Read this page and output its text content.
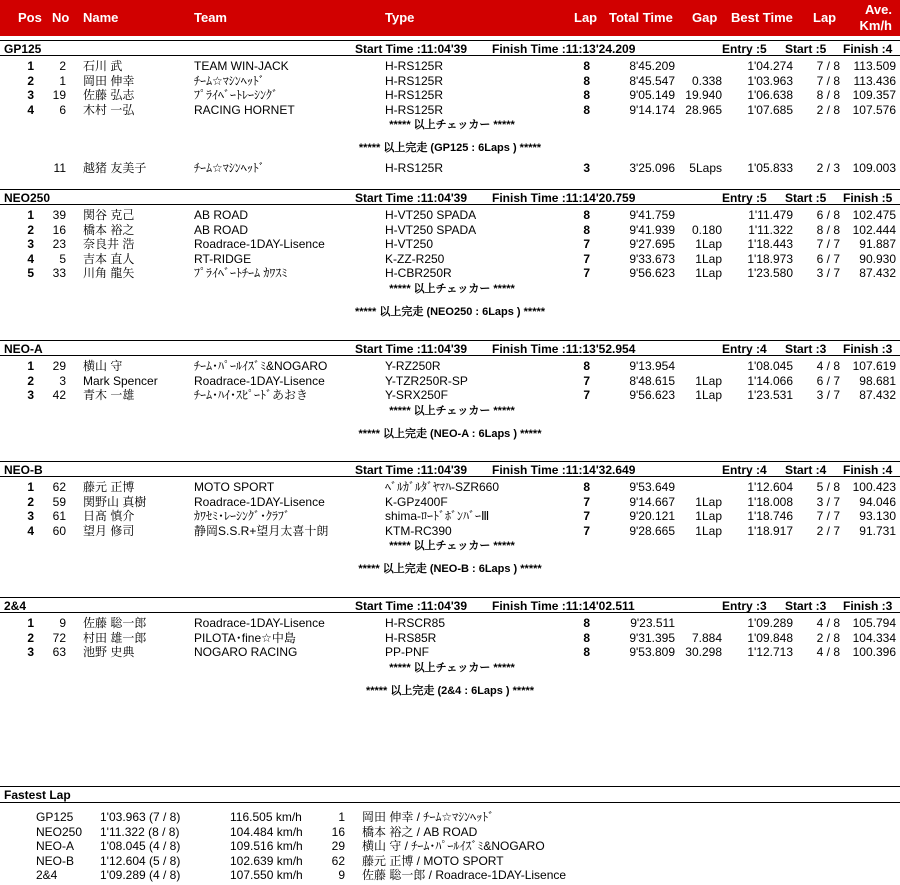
Pos No Name	Team	Type	Lap Total Time Gap Best Time Lap
Ave.
Km/h
GP125	Start Time :11:04'39 Finish Time :11:13'24.209	Entry :5 Start :5 Finish :4
1	2 石川 武	TEAM WIN-JACK	H-RS125R	8	8'45.209	1'04.274	7 / 8	113.509
2	1 岡田 伸幸	ﾁｰﾑ☆ﾏｼﾝﾍｯﾄﾞ	H-RS125R	8	8'45.547	0.338	1'03.963	7 / 8	113.436
3	19 佐藤 弘志	ﾌﾟﾗｲﾍﾞｰﾄﾚｰｼﾝｸﾞ	H-RS125R	8	9'05.149 19.940	1'06.638	8 / 8	109.357
4	6 木村 一弘	RACING HORNET	H-RS125R	8	9'14.174 28.965	1'07.685	2 / 8	107.576
***** 以上チェッカー *****
***** 以上完走 (GP125 : 6Laps ) *****
11 越猪 友美子	ﾁｰﾑ☆ﾏｼﾝﾍｯﾄﾞ	H-RS125R	3	3'25.096	5Laps	1'05.833	2 / 3	109.003
NEO250	Start Time :11:04'39 Finish Time :11:14'20.759	Entry :5 Start :5 Finish :5
1	39 関谷 克己	AB ROAD	H-VT250 SPADA	8	9'41.759	1'11.479	6 / 8	102.475
2	16 橋本 裕之	AB ROAD	H-VT250 SPADA	8	9'41.939	0.180	1'11.322	8 / 8	102.444
3	23 奈良井 浩	Roadrace-1DAY-Lisence	H-VT250	7	9'27.695	1Lap	1'18.443	7 / 7	91.887
4	5 吉本 直人	RT-RIDGE	K-ZZ-R250	7	9'33.673	1Lap	1'18.973	6 / 7	90.930
5	33 川角 龍矢	ﾌﾟﾗｲﾍﾞｰﾄﾁｰﾑ ｶﾜｽﾐ	H-CBR250R	7	9'56.623	1Lap	1'23.580	3 / 7	87.432
***** 以上チェッカー *****
***** 以上完走 (NEO250 : 6Laps ) *****
NEO-A	Start Time :11:04'39 Finish Time :11:13'52.954	Entry :4 Start :3 Finish :3
1	29 横山 守	ﾁｰﾑ･ﾊﾟｰﾙｲｽﾞﾐ&NOGARO	Y-RZ250R	8	9'13.954	1'08.045	4 / 8	107.619
2	3 Mark Spencer	Roadrace-1DAY-Lisence	Y-TZR250R-SP	7	8'48.615	1Lap	1'14.066	6 / 7	98.681
3	42 青木 一雄	ﾁｰﾑ･ﾊｲ･ｽﾋﾟｰﾄﾞあおき	Y-SRX250F	7	9'56.623	1Lap	1'23.531	3 / 7	87.432
***** 以上チェッカー *****
***** 以上完走 (NEO-A : 6Laps ) *****
NEO-B	Start Time :11:04'39 Finish Time :11:14'32.649	Entry :4 Start :4 Finish :4
1	62 藤元 正博	MOTO SPORT	ﾍﾞﾙｶﾞﾙﾀﾞﾔﾏﾊ-SZR660	8	9'53.649	1'12.604	5 / 8	100.423
2	59 関野山 真樹	Roadrace-1DAY-Lisence	K-GPz400F	7	9'14.667	1Lap	1'18.008	3 / 7	94.046
3	61 日髙 慎介	ｶﾜｾﾐ･ﾚｰｼﾝｸﾞ･ｸﾗﾌﾞ	shima-ﾛｰﾄﾞﾎﾞﾝﾊﾞｰⅢ	7	9'20.121	1Lap	1'18.746	7 / 7	93.130
4	60 望月 修司	静岡S.S.R+望月太喜十朗	KTM-RC390	7	9'28.665	1Lap	1'18.917	2 / 7	91.731
***** 以上チェッカー *****
***** 以上完走 (NEO-B : 6Laps ) *****
2&4	Start Time :11:04'39 Finish Time :11:14'02.511	Entry :3 Start :3 Finish :3
1	9 佐藤 聡一郎	Roadrace-1DAY-Lisence	H-RSCR85	8	9'23.511	1'09.289	4 / 8	105.794
2	72 村田 雄一郎	PILOTA･fine☆中島	H-RS85R	8	9'31.395	7.884	1'09.848	2 / 8	104.334
3	63 池野 史典	NOGARO RACING	PP-PNF	8	9'53.809 30.298	1'12.713	4 / 8	100.396
***** 以上チェッカー *****
***** 以上完走 (2&4 : 6Laps ) *****
Fastest Lap
GP125 1'03.963 (7 / 8)	116.505 km/h	1 岡田 伸幸 / ﾁｰﾑ☆ﾏｼﾝﾍｯﾄﾞ
NEO250 1'11.322 (8 / 8)	104.484 km/h	16 橋本 裕之 / AB ROAD
NEO-A 1'08.045 (4 / 8)	109.516 km/h	29 横山 守 / ﾁｰﾑ･ﾊﾟｰﾙｲｽﾞﾐ&NOGARO
NEO-B 1'12.604 (5 / 8)	102.639 km/h	62 藤元 正博 / MOTO SPORT
2&4	1'09.289 (4 / 8)	107.550 km/h	9 佐藤 聡一郎 / Roadrace-1DAY-Lisence
